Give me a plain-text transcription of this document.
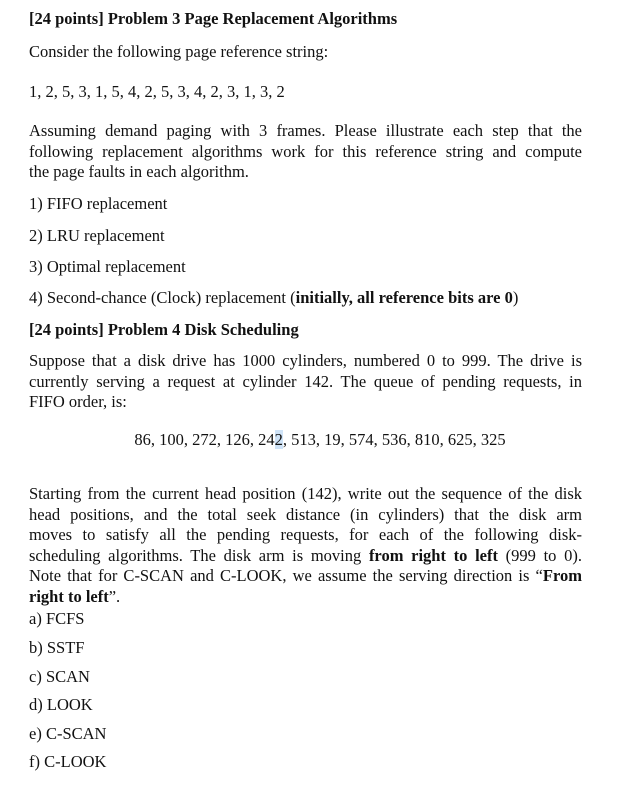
[24 points] Problem 3 Page Replacement Algorithms
Consider the following page reference string:
1, 2, 5, 3, 1, 5, 4, 2, 5, 3, 4, 2, 3, 1, 3, 2
Assuming demand paging with 3 frames. Please illustrate each step that the
following replacement algorithms work for this reference string and compute
the page faults in each algorithm.
1) FIFO replacement
2) LRU replacement
3) Optimal replacement
4) Second-chance (Clock) replacement (initially, all reference bits are 0)
[24 points] Problem 4 Disk Scheduling
Suppose that a disk drive has 1000 cylinders, numbered 0 to 999. The drive is
currently serving a request at cylinder 142. The queue of pending requests, in
FIFO order, is:
86, 100, 272, 126, 242, 513, 19, 574, 536, 810, 625, 325
Starting from the current head position (142), write out the sequence of the disk
head positions, and the total seek distance (in cylinders) that the disk arm
moves to satisfy all the pending requests, for each of the following disk-
scheduling algorithms. The disk arm is moving from right to left (999 to 0).
Note that for C-SCAN and C-LOOK, we assume the serving direction is “From
right to left”.
a) FCFS
b) SSTF
c) SCAN
d) LOOK
e) C-SCAN
f) C-LOOK
